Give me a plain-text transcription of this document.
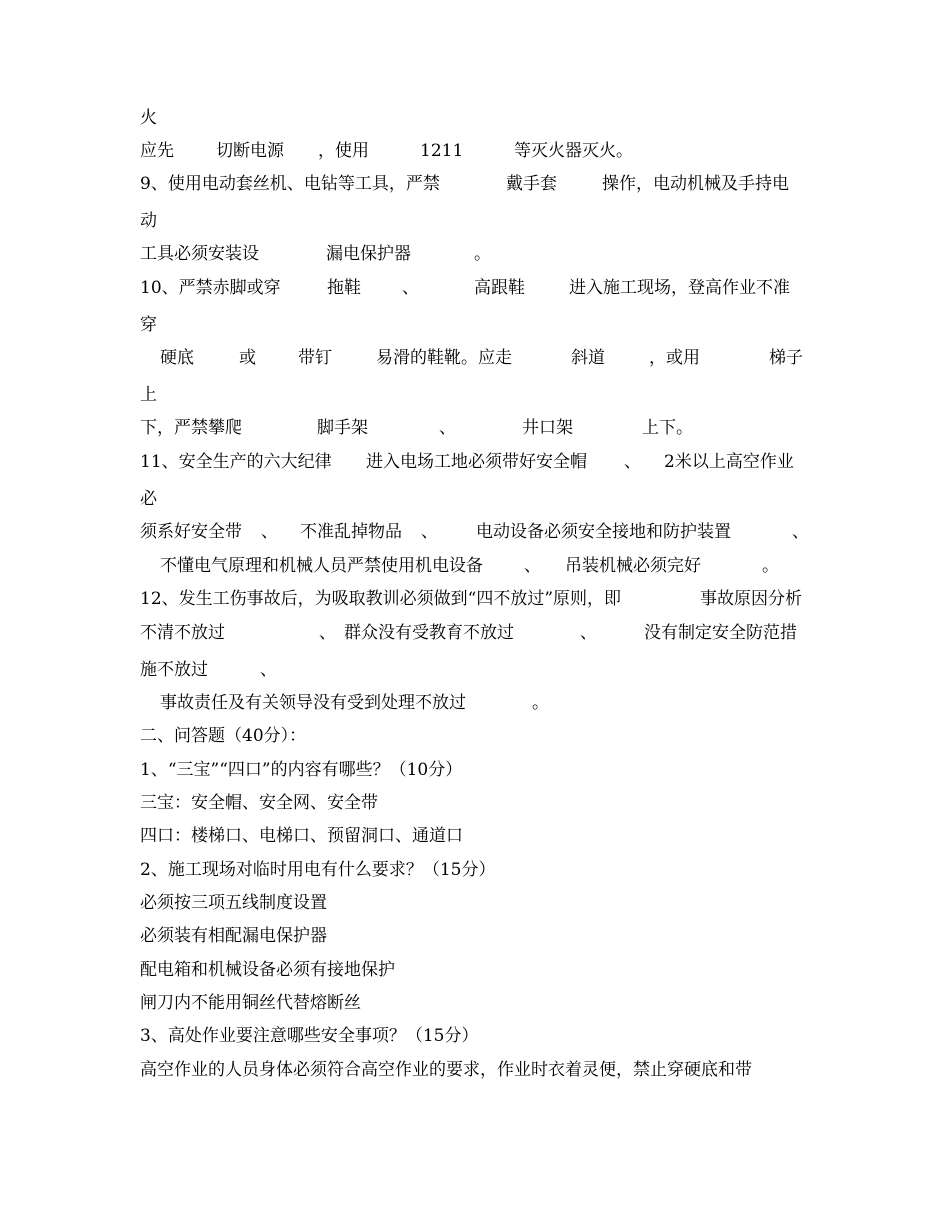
火
应先 切断电源 ，使用	1211	等灭火器灭火。
9、使用电动套丝机、电钻等工具，严禁	戴手套	操作，电动机械及手持电
动
工具必须安装设	漏电保护器	。
10、严禁赤脚或穿	拖鞋 、	高跟鞋	进入施工现场，登高作业不准
穿
硬底	或 带钉	易滑的鞋靴。应走	斜道	，或用	梯子
上
下，严禁攀爬	脚手架	、	井口架	上下。
11、安全生产的六大纪律 进入电场工地必须带好安全帽 、 2米以上高空作业
必
须系好安全带 、 不准乱掉物品 、 电动设备必须安全接地和防护装置	、
不懂电气原理和机械人员严禁使用机电设备 、 吊装机械必须完好	。
12、发生工伤事故后，为吸取教训必须做到“四不放过”原则，即	事故原因分析
不清不放过	、 群众没有受教育不放过	、	没有制定安全防范措
施不放过	、
事故责任及有关领导没有受到处理不放过	。
二、问答题（40分）：
1、“三宝”“四口”的内容有哪些？（10分）
三宝：安全帽、安全网、安全带
四口：楼梯口、电梯口、预留洞口、通道口
2、施工现场对临时用电有什么要求？（15分）
必须按三项五线制度设置
必须装有相配漏电保护器
配电箱和机械设备必须有接地保护
闸刀内不能用铜丝代替熔断丝
3、高处作业要注意哪些安全事项？（15分）
高空作业的人员身体必须符合高空作业的要求，作业时衣着灵便，禁止穿硬底和带
